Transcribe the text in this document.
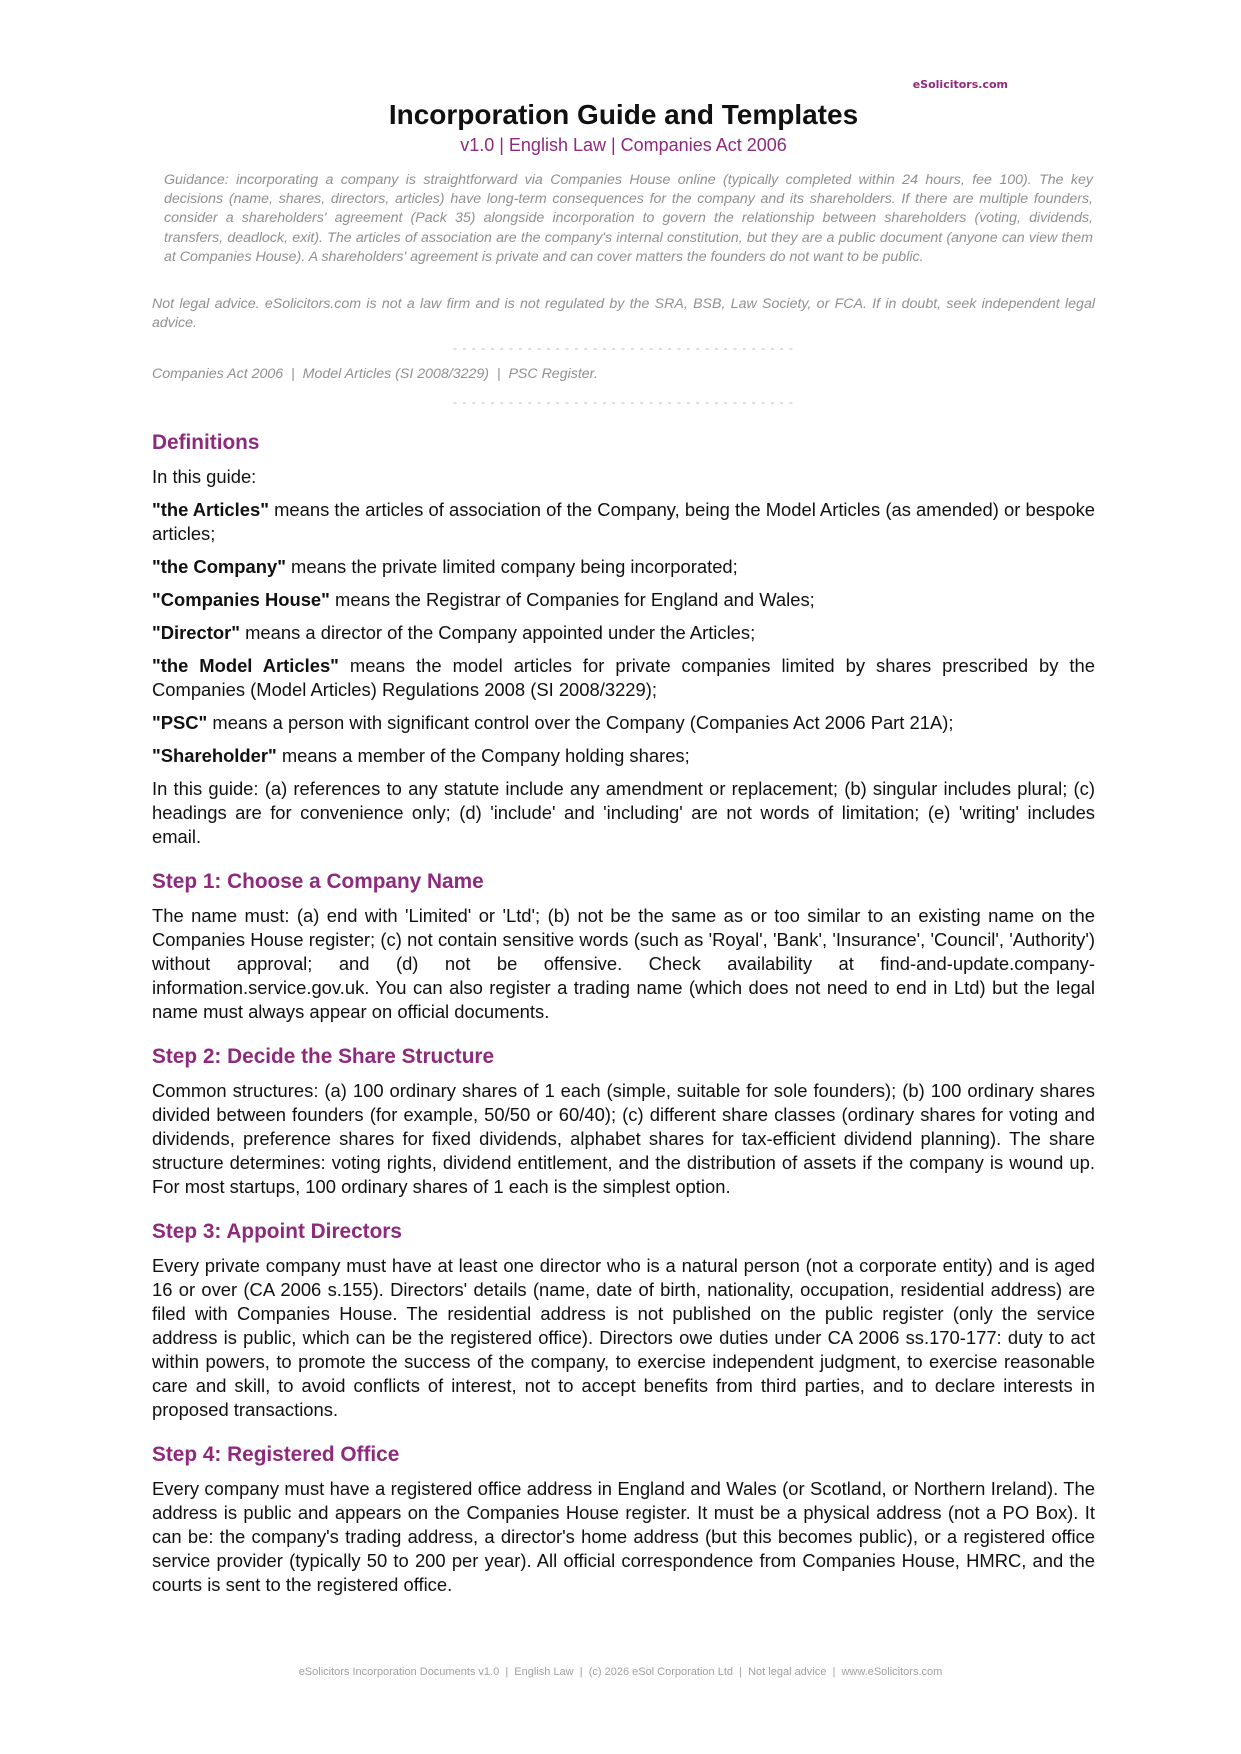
eSolicitors.com
Incorporation Guide and Templates
v1.0 | English Law | Companies Act 2006
Guidance: incorporating a company is straightforward via Companies House online (typically completed within 24 hours, fee 100). The key decisions (name, shares, directors, articles) have long-term consequences for the company and its shareholders. If there are multiple founders, consider a shareholders' agreement (Pack 35) alongside incorporation to govern the relationship between shareholders (voting, dividends, transfers, deadlock, exit). The articles of association are the company's internal constitution, but they are a public document (anyone can view them at Companies House). A shareholders' agreement is private and can cover matters the founders do not want to be public.
Not legal advice. eSolicitors.com is not a law firm and is not regulated by the SRA, BSB, Law Society, or FCA. If in doubt, seek independent legal advice.
- - - - - - - - - - - - - - - - - - - - - - - - - - - - - - - - - - - - -
Companies Act 2006  |  Model Articles (SI 2008/3229)  |  PSC Register.
- - - - - - - - - - - - - - - - - - - - - - - - - - - - - - - - - - - - -
Definitions

In this guide:

"the Articles" means the articles of association of the Company, being the Model Articles (as amended) or bespoke articles;

"the Company" means the private limited company being incorporated;

"Companies House" means the Registrar of Companies for England and Wales;

"Director" means a director of the Company appointed under the Articles;

"the Model Articles" means the model articles for private companies limited by shares prescribed by the Companies (Model Articles) Regulations 2008 (SI 2008/3229);

"PSC" means a person with significant control over the Company (Companies Act 2006 Part 21A);

"Shareholder" means a member of the Company holding shares;

In this guide: (a) references to any statute include any amendment or replacement; (b) singular includes plural; (c) headings are for convenience only; (d) 'include' and 'including' are not words of limitation; (e) 'writing' includes email.

Step 1: Choose a Company Name

The name must: (a) end with 'Limited' or 'Ltd'; (b) not be the same as or too similar to an existing name on the Companies House register; (c) not contain sensitive words (such as 'Royal', 'Bank', 'Insurance', 'Council', 'Authority') without approval; and (d) not be offensive. Check availability at find-and-update.company-information.service.gov.uk. You can also register a trading name (which does not need to end in Ltd) but the legal name must always appear on official documents.

Step 2: Decide the Share Structure

Common structures: (a) 100 ordinary shares of 1 each (simple, suitable for sole founders); (b) 100 ordinary shares divided between founders (for example, 50/50 or 60/40); (c) different share classes (ordinary shares for voting and dividends, preference shares for fixed dividends, alphabet shares for tax-efficient dividend planning). The share structure determines: voting rights, dividend entitlement, and the distribution of assets if the company is wound up. For most startups, 100 ordinary shares of 1 each is the simplest option.

Step 3: Appoint Directors

Every private company must have at least one director who is a natural person (not a corporate entity) and is aged 16 or over (CA 2006 s.155). Directors' details (name, date of birth, nationality, occupation, residential address) are filed with Companies House. The residential address is not published on the public register (only the service address is public, which can be the registered office). Directors owe duties under CA 2006 ss.170-177: duty to act within powers, to promote the success of the company, to exercise independent judgment, to exercise reasonable care and skill, to avoid conflicts of interest, not to accept benefits from third parties, and to declare interests in proposed transactions.

Step 4: Registered Office

Every company must have a registered office address in England and Wales (or Scotland, or Northern Ireland). The address is public and appears on the Companies House register. It must be a physical address (not a PO Box). It can be: the company's trading address, a director's home address (but this becomes public), or a registered office service provider (typically 50 to 200 per year). All official correspondence from Companies House, HMRC, and the courts is sent to the registered office.

eSolicitors Incorporation Documents v1.0  |  English Law  |  (c) 2026 eSol Corporation Ltd  |  Not legal advice  |  www.eSolicitors.com
